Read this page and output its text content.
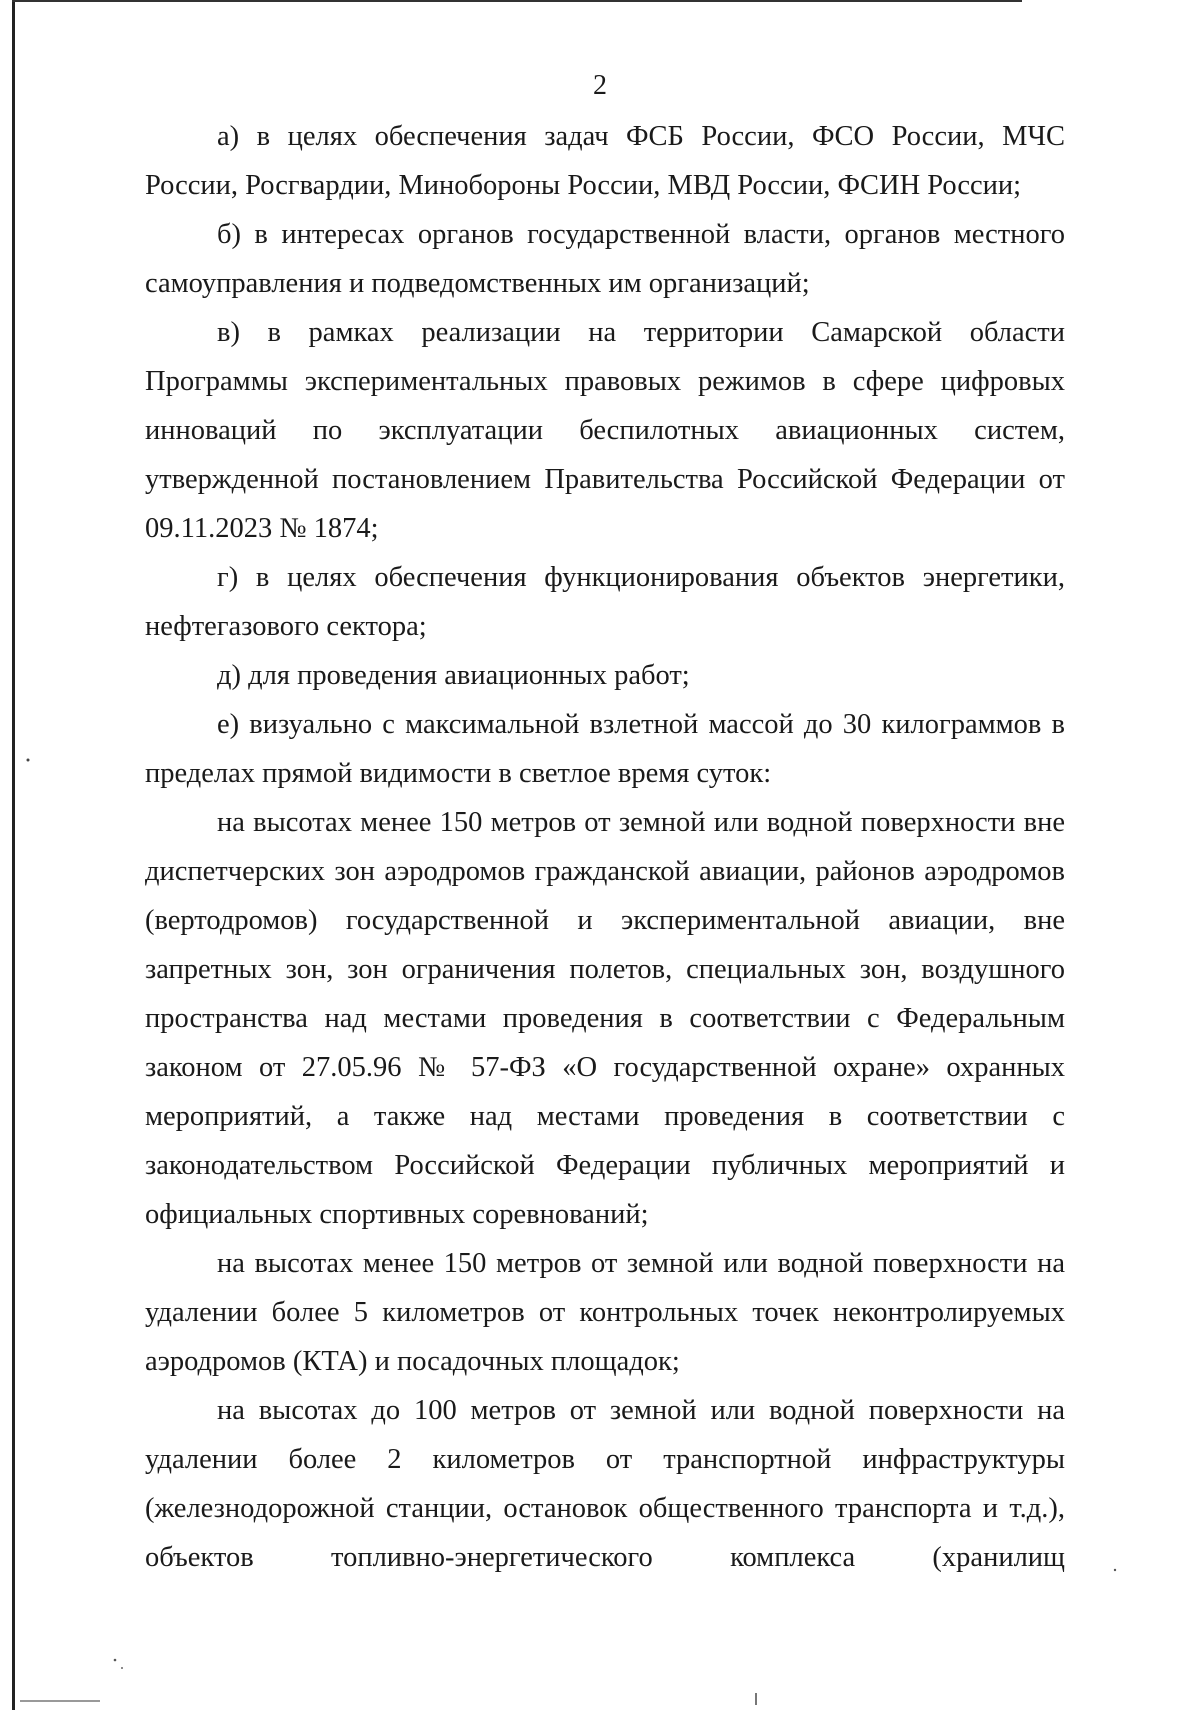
2

а) в целях обеспечения задач ФСБ России, ФСО России, МЧС России, Росгвардии, Минобороны России, МВД России, ФСИН России;

б) в интересах органов государственной власти, органов местного самоуправления и подведомственных им организаций;

в) в рамках реализации на территории Самарской области Программы экспериментальных правовых режимов в сфере цифровых инноваций по эксплуатации беспилотных авиационных систем, утвержденной постановлением Правительства Российской Федерации от 09.11.2023 № 1874;

г) в целях обеспечения функционирования объектов энергетики, нефтегазового сектора;

д) для проведения авиационных работ;

е) визуально с максимальной взлетной массой до 30 килограммов в пределах прямой видимости в светлое время суток:

на высотах менее 150 метров от земной или водной поверхности вне диспетчерских зон аэродромов гражданской авиации, районов аэродромов (вертодромов) государственной и экспериментальной авиации, вне запретных зон, зон ограничения полетов, специальных зон, воздушного пространства над местами проведения в соответствии с Федеральным законом от 27.05.96 № 57-ФЗ «О государственной охране» охранных мероприятий, а также над местами проведения в соответствии с законодательством Российской Федерации публичных мероприятий и официальных спортивных соревнований;

на высотах менее 150 метров от земной или водной поверхности на удалении более 5 километров от контрольных точек неконтролируемых аэродромов (КТА) и посадочных площадок;

на высотах до 100 метров от земной или водной поверхности на удалении более 2 километров от транспортной инфраструктуры (железнодорожной станции, остановок общественного транспорта и т.д.), объектов топливно-энергетического комплекса (хранилищ
